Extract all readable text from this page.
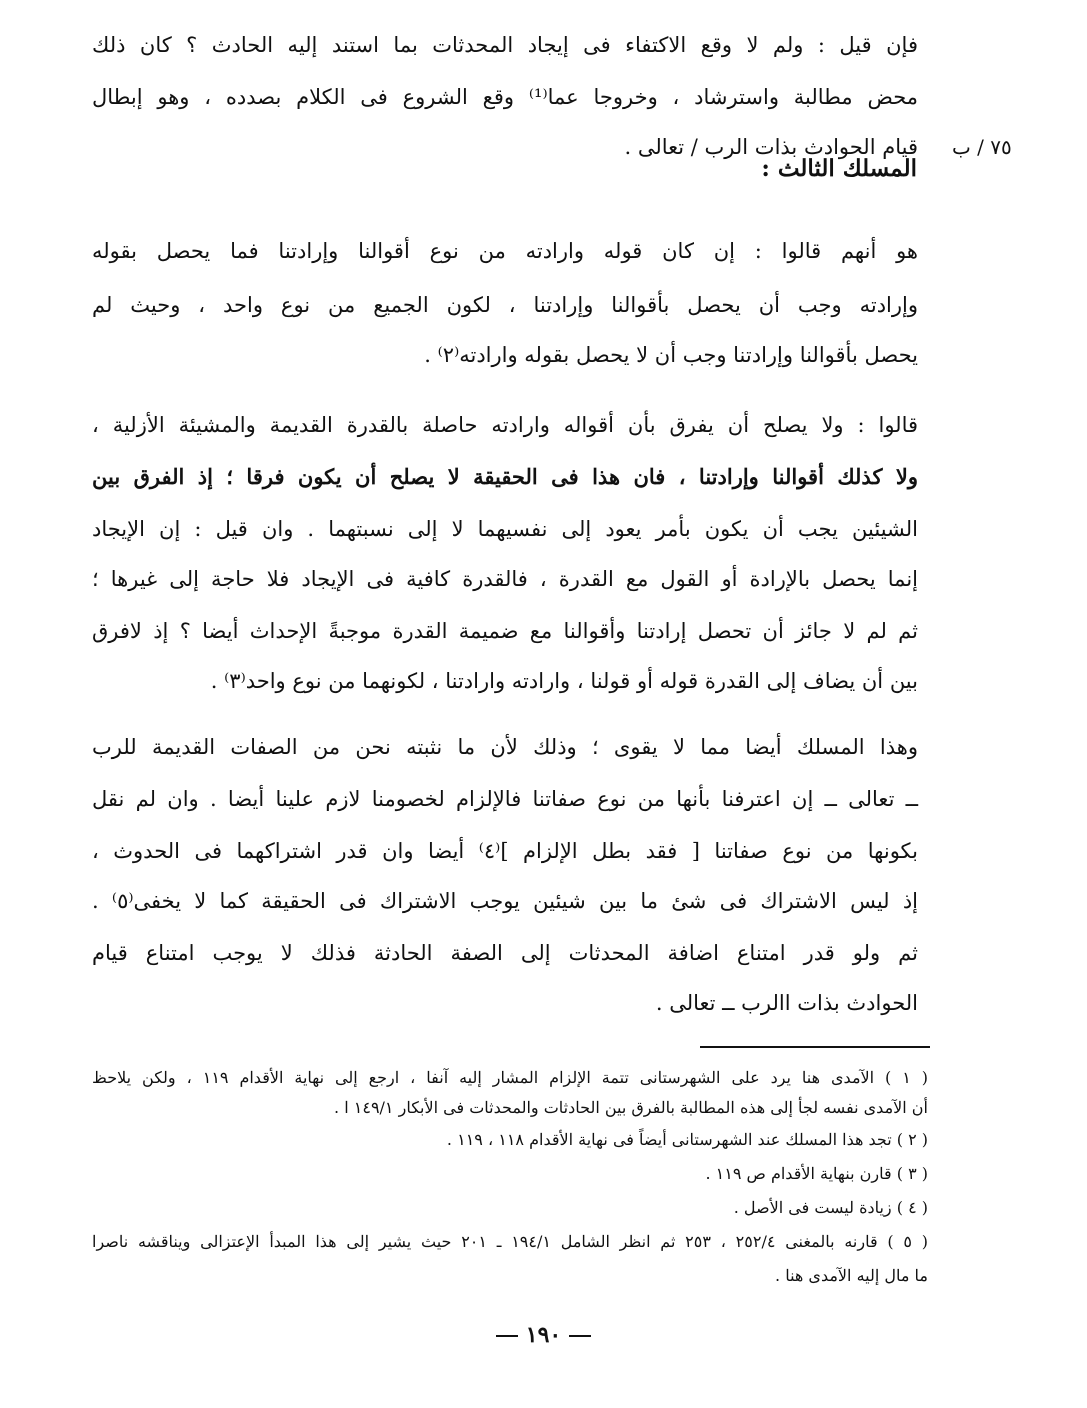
فإن قيل : ولم لا وقع الاكتفاء فى إيجاد المحدثات بما استند إليه الحادث ؟ كان ذلك
محض مطالبة واسترشاد ، وخروجا عما⁽¹⁾ وقع الشروع فى الكلام بصدده ، وهو إبطال
قيام الحوادث بذات الرب / تعالى . ٧٥ / ب
المسلك الثالث :
هو أنهم قالوا : إن كان قوله وارادته من نوع أقوالنا وإرادتنا فما يحصل بقوله
وإرادته وجب أن يحصل بأقوالنا وإرادتنا ، لكون الجميع من نوع واحد ، وحيث لم
يحصل بأقوالنا وإرادتنا وجب أن لا يحصل بقوله وارادته⁽٢⁾ .
قالوا : ولا يصلح أن يفرق بأن أقواله وارادته حاصلة بالقدرة القديمة والمشيئة الأزلية ،
ولا كذلك أقوالنا وإرادتنا ، فان هذا فى الحقيقة لا يصلح أن يكون فرقا ؛ إذ الفرق بين
الشيئين يجب أن يكون بأمر يعود إلى نفسيهما لا إلى نسبتهما . وان قيل : إن الإيجاد
إنما يحصل بالإرادة أو القول مع القدرة ، فالقدرة كافية فى الإيجاد فلا حاجة إلى غيرها ؛
ثم لم لا جائز أن تحصل إرادتنا وأقوالنا مع ضميمة القدرة موجبةً الإحداث أيضا ؟ إذ لافرق
بين أن يضاف إلى القدرة قوله أو قولنا ، وارادته وارادتنا ، لكونهما من نوع واحد⁽٣⁾ .
وهذا المسلك أيضا مما لا يقوى ؛ وذلك لأن ما نثبته نحن من الصفات القديمة للرب
ــ تعالى ــ إن اعترفنا بأنها من نوع صفاتنا فالإلزام لخصومنا لازم علينا أيضا . وان لم نقل
بكونها من نوع صفاتنا [ فقد بطل الإلزام ]⁽٤⁾ أيضا وان قدر اشتراكهما فى الحدوث ،
إذ ليس الاشتراك فى شئ ما بين شيئين يوجب الاشتراك فى الحقيقة كما لا يخفى⁽٥⁾ .
ثم ولو قدر امتناع اضافة المحدثات إلى الصفة الحادثة فذلك لا يوجب امتناع قيام
الحوادث بذات االرب ــ تعالى .
( ١ ) الآمدى هنا يرد على الشهرستانى تتمة الإلزام المشار إليه آنفا ، ارجع إلى نهاية الأقدام ١١٩ ، ولكن يلاحظ
أن الآمدى نفسه لجأ إلى هذه المطالبة بالفرق بين الحادثات والمحدثات فى الأبكار ١٤٩/١ ا .
( ٢ ) تجد هذا المسلك عند الشهرستانى أيضاً فى نهاية الأقدام ١١٨ ، ١١٩ .
( ٣ ) قارن بنهاية الأقدام ص ١١٩ .
( ٤ ) زيادة ليست فى الأصل .
( ٥ ) قارنه بالمغنى ٢٥٢/٤ ، ٢٥٣ ثم انظر الشامل ١٩٤/١ ـ ٢٠١ حيث يشير إلى هذا المبدأ الإعتزالى ويناقشه ناصرا
ما مال إليه الآمدى هنا .
١٩٠
